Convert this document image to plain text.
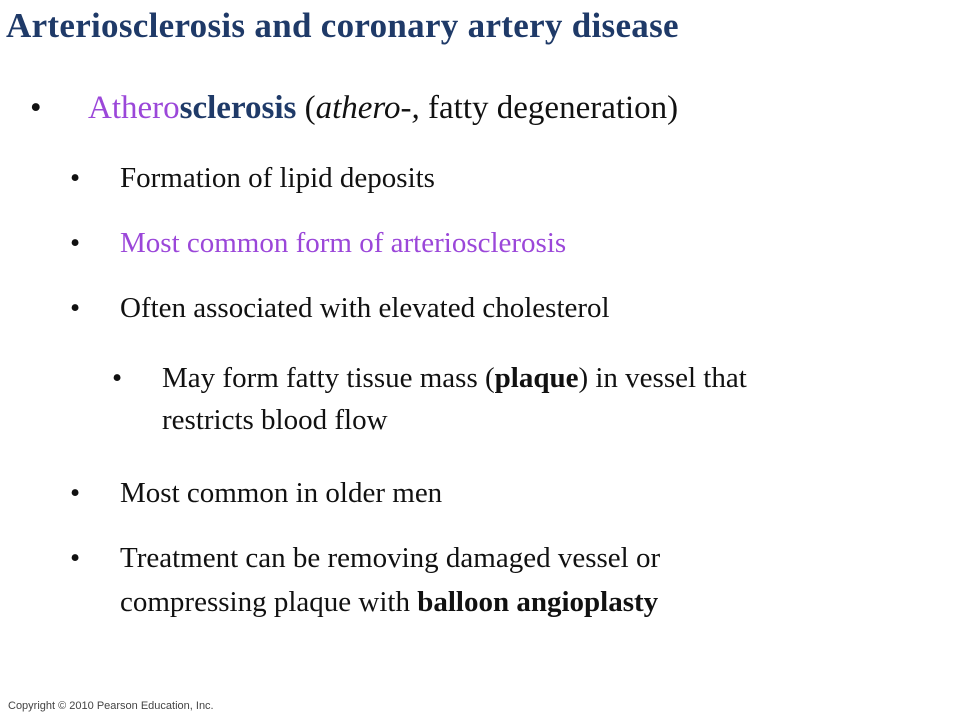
Arteriosclerosis and coronary artery disease
• Atherosclerosis (athero-, fatty degeneration)
• Formation of lipid deposits
• Most common form of arteriosclerosis
• Often associated with elevated cholesterol
• May form fatty tissue mass (plaque) in vessel that
restricts blood flow
• Most common in older men
• Treatment can be removing damaged vessel or
compressing plaque with balloon angioplasty
Copyright © 2010 Pearson Education, Inc.
